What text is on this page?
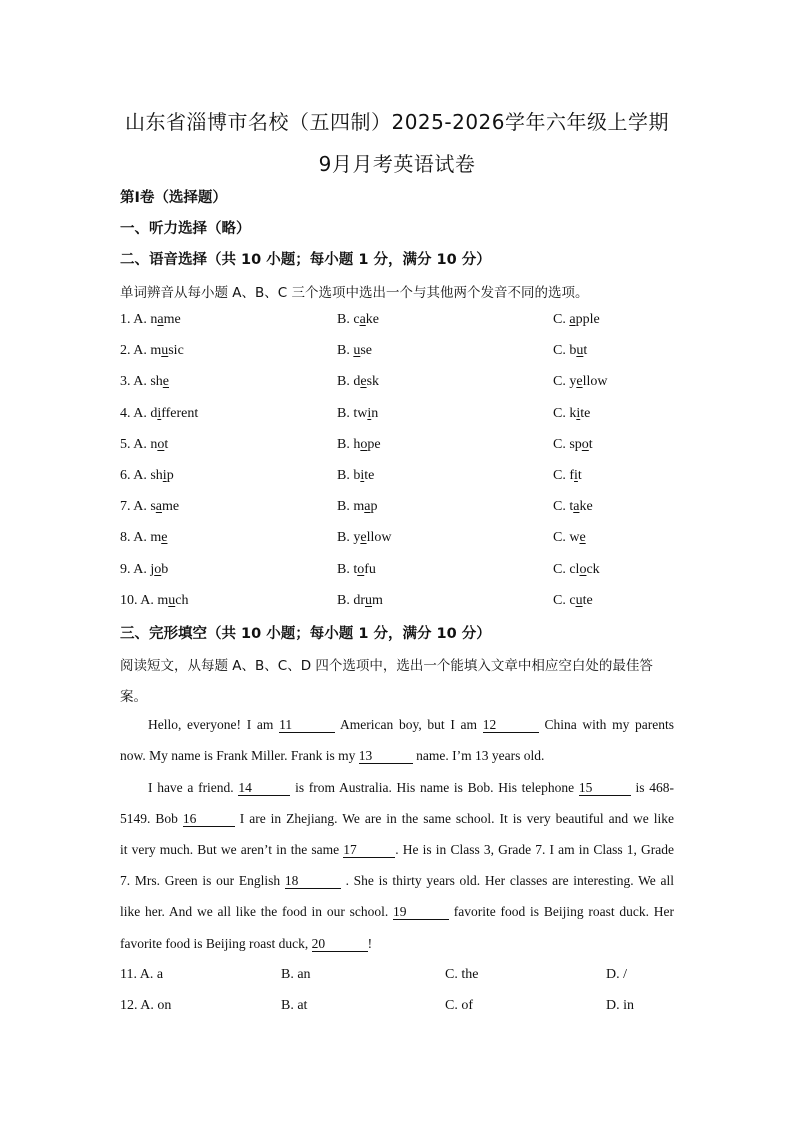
山东省淄博市名校（五四制）2025-2026学年六年级上学期
9月月考英语试卷
第Ⅰ卷（选择题）
一、听力选择（略）
二、语音选择（共 10 小题；每小题 1 分，满分 10 分）
单词辨音从每小题 A、B、C 三个选项中选出一个与其他两个发音不同的选项。
1. A. name	B. cake	C. apple
2. A. music	B. use	C. but
3. A. she	B. desk	C. yellow
4. A. different	B. twin	C. kite
5. A. not	B. hope	C. spot
6. A. ship	B. bite	C. fit
7. A. same	B. map	C. take
8. A. me	B. yellow	C. we
9. A. job	B. tofu	C. clock
10. A. much	B. drum	C. cute
三、完形填空（共 10 小题；每小题 1 分，满分 10 分）
阅读短文，从每题 A、B、C、D 四个选项中，选出一个能填入文章中相应空白处的最佳答
案。
Hello, everyone! I am 11	American boy, but I am 12	China with my parents
now. My name is Frank Miller. Frank is my 13	name. I’m 13 years old.
I have a friend. 14	is from Australia. His name is Bob. His telephone 15	is 468-
5149. Bob 16	I are in Zhejiang. We are in the same school. It is very beautiful and we like
it very much. But we aren’t in the same 17	. He is in Class 3, Grade 7. I am in Class 1, Grade
7. Mrs. Green is our English 18	. She is thirty years old. Her classes are interesting. We all
like her. And we all like the food in our school. 19	favorite food is Beijing roast duck. Her
favorite food is Beijing roast duck, 20	!
11. A. a	B. an	C. the	D. /
12. A. on	B. at	C. of	D. in
